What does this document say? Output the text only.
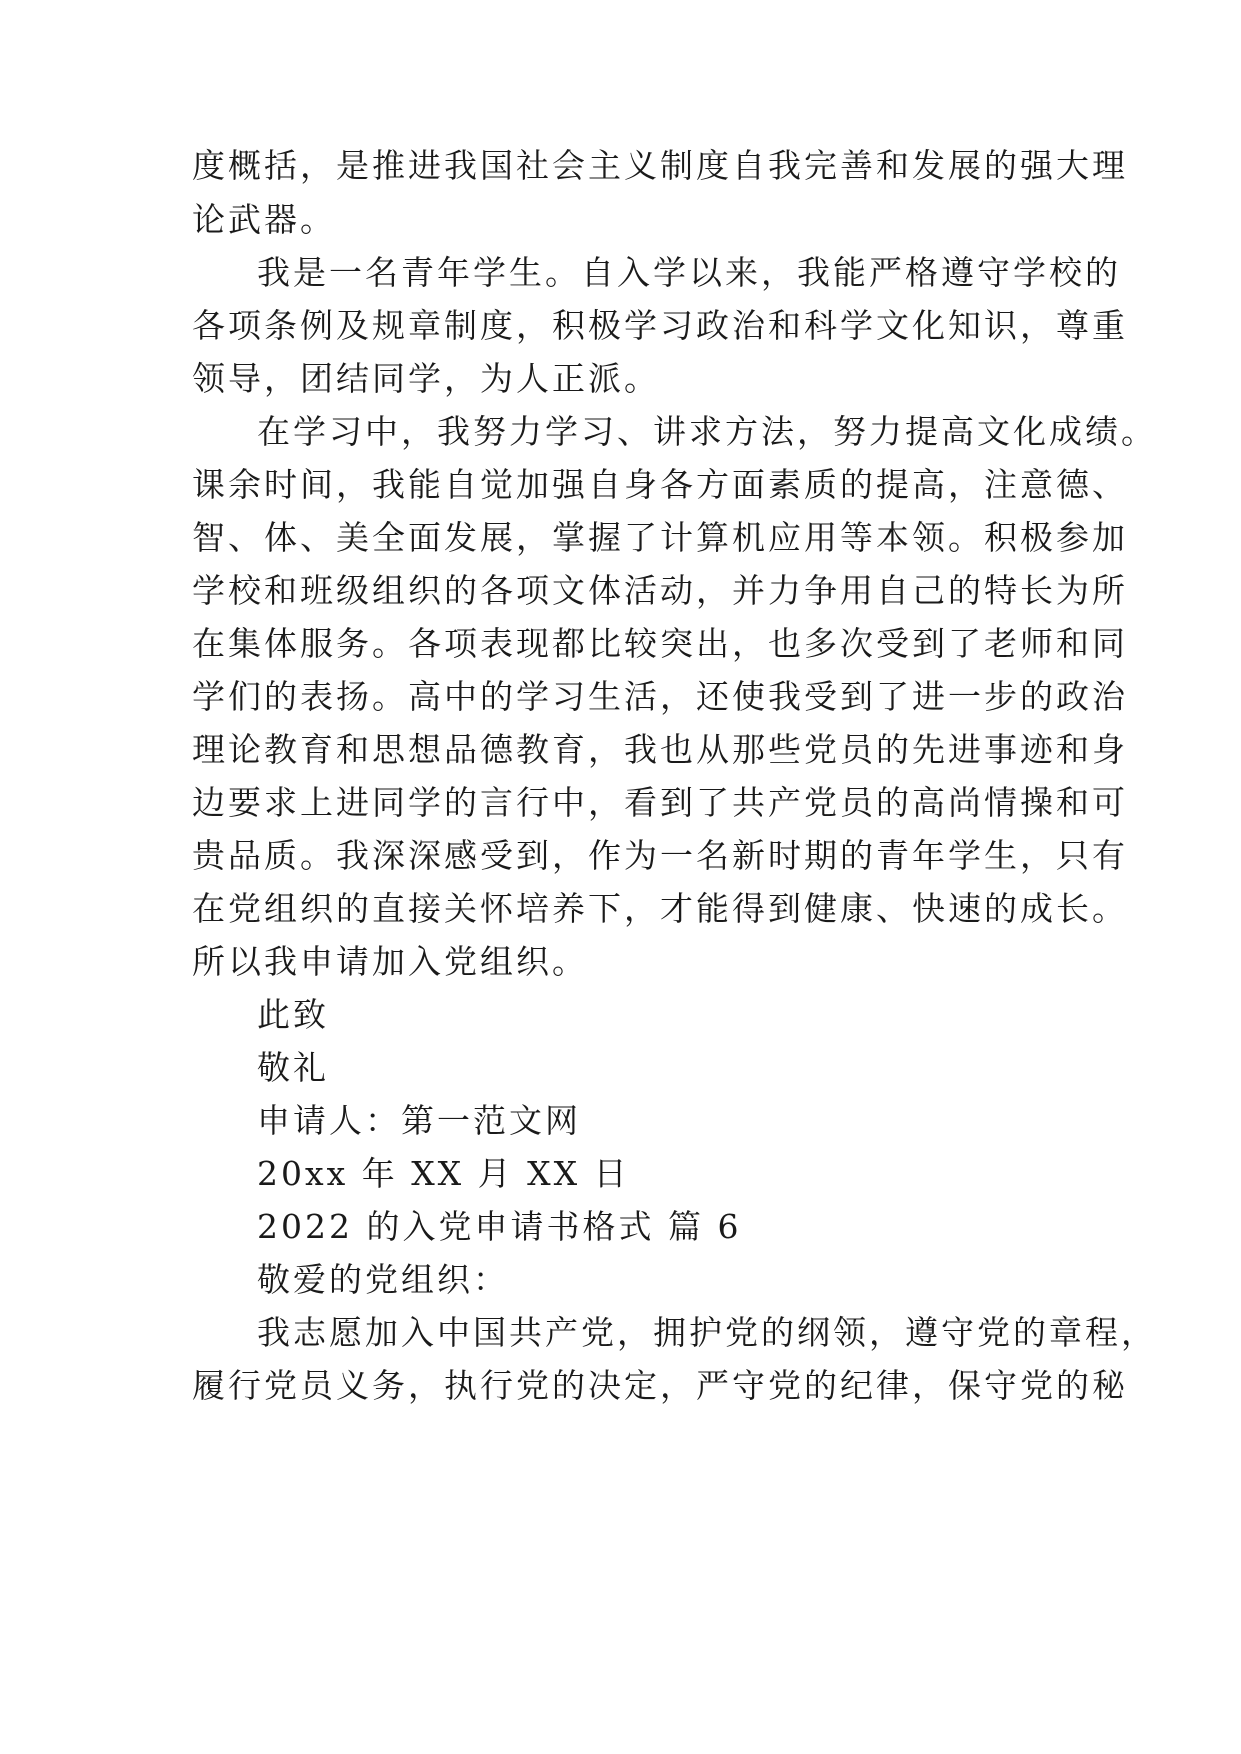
度概括，是推进我国社会主义制度自我完善和发展的强大理
论武器。
我是一名青年学生。自入学以来，我能严格遵守学校的
各项条例及规章制度，积极学习政治和科学文化知识，尊重
领导，团结同学，为人正派。
在学习中，我努力学习、讲求方法，努力提高文化成绩。
课余时间，我能自觉加强自身各方面素质的提高，注意德、
智、体、美全面发展，掌握了计算机应用等本领。积极参加
学校和班级组织的各项文体活动，并力争用自己的特长为所
在集体服务。各项表现都比较突出，也多次受到了老师和同
学们的表扬。高中的学习生活，还使我受到了进一步的政治
理论教育和思想品德教育，我也从那些党员的先进事迹和身
边要求上进同学的言行中，看到了共产党员的高尚情操和可
贵品质。我深深感受到，作为一名新时期的青年学生，只有
在党组织的直接关怀培养下，才能得到健康、快速的成长。
所以我申请加入党组织。
此致
敬礼
申请人：第一范文网
20xx 年 XX 月 XX 日
2022 的入党申请书格式 篇 6
敬爱的党组织：
我志愿加入中国共产党，拥护党的纲领，遵守党的章程，
履行党员义务，执行党的决定，严守党的纪律，保守党的秘
